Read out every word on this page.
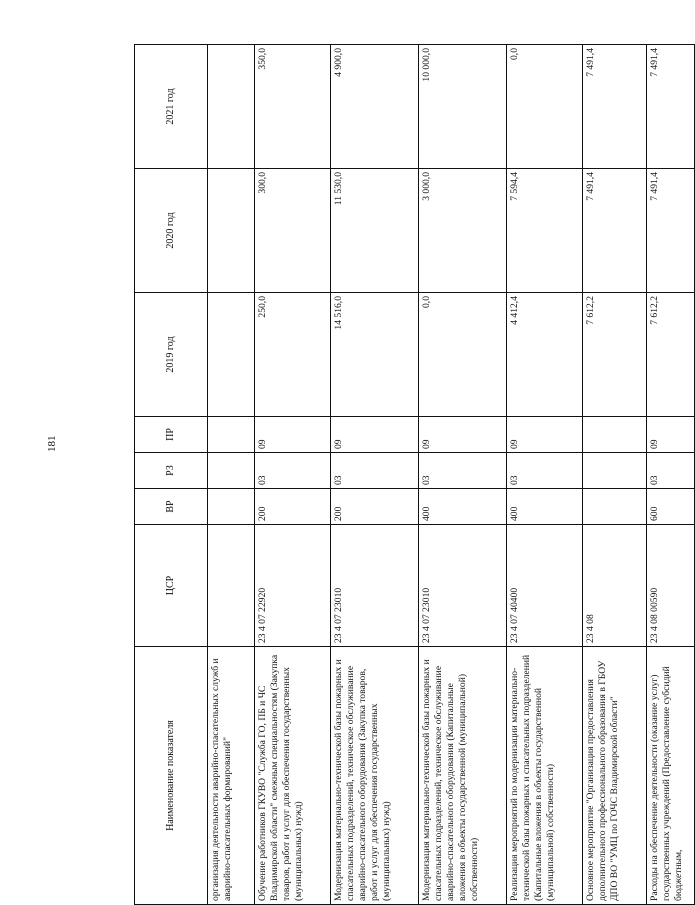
181
Наименование показателя	ЦСР	ВР	РЗ	ПР	2019 год	2020 год	2021 год
организация деятельности аварийно-спасательных служб и аварийно-спасательных формирований"							
Обучение работников ГКУВО "Служба ГО, ПБ и ЧС Владимирской области" смежным специальностям (Закупка товаров, работ и услуг для обеспечения государственных (муниципальных) нужд)	23 4 07 22920	200	03	09	250,0	300,0	350,0
Модернизация материально-технической базы пожарных и спасательных подразделений, техническое обслуживание аварийно-спасательного оборудования (Закупка товаров, работ и услуг для обеспечения государственных (муниципальных) нужд)	23 4 07 23010	200	03	09	14 516,0	11 530,0	4 900,0
Модернизация материально-технической базы пожарных и спасательных подразделений, техническое обслуживание аварийно-спасательного оборудования (Капитальные вложения в объекты государственной (муниципальной) собственности)	23 4 07 23010	400	03	09	0,0	3 000,0	10 000,0
Реализация мероприятий по модернизации материально-технической базы пожарных и спасательных подразделений (Капитальные вложения в объекты государственной (муниципальной) собственности)	23 4 07 40400	400	03	09	4 412,4	7 594,4	0,0
Основное мероприятие "Организация предоставления дополнительного профессионального образования в ГБОУ ДПО ВО "УМЦ по ГОЧС Владимирской области"	23 4 08				7 612,2	7 491,4	7 491,4
Расходы на обеспечение деятельности (оказание услуг) государственных учреждений (Предоставление субсидий бюджетным,	23 4 08 00590	600	03	09	7 612,2	7 491,4	7 491,4
